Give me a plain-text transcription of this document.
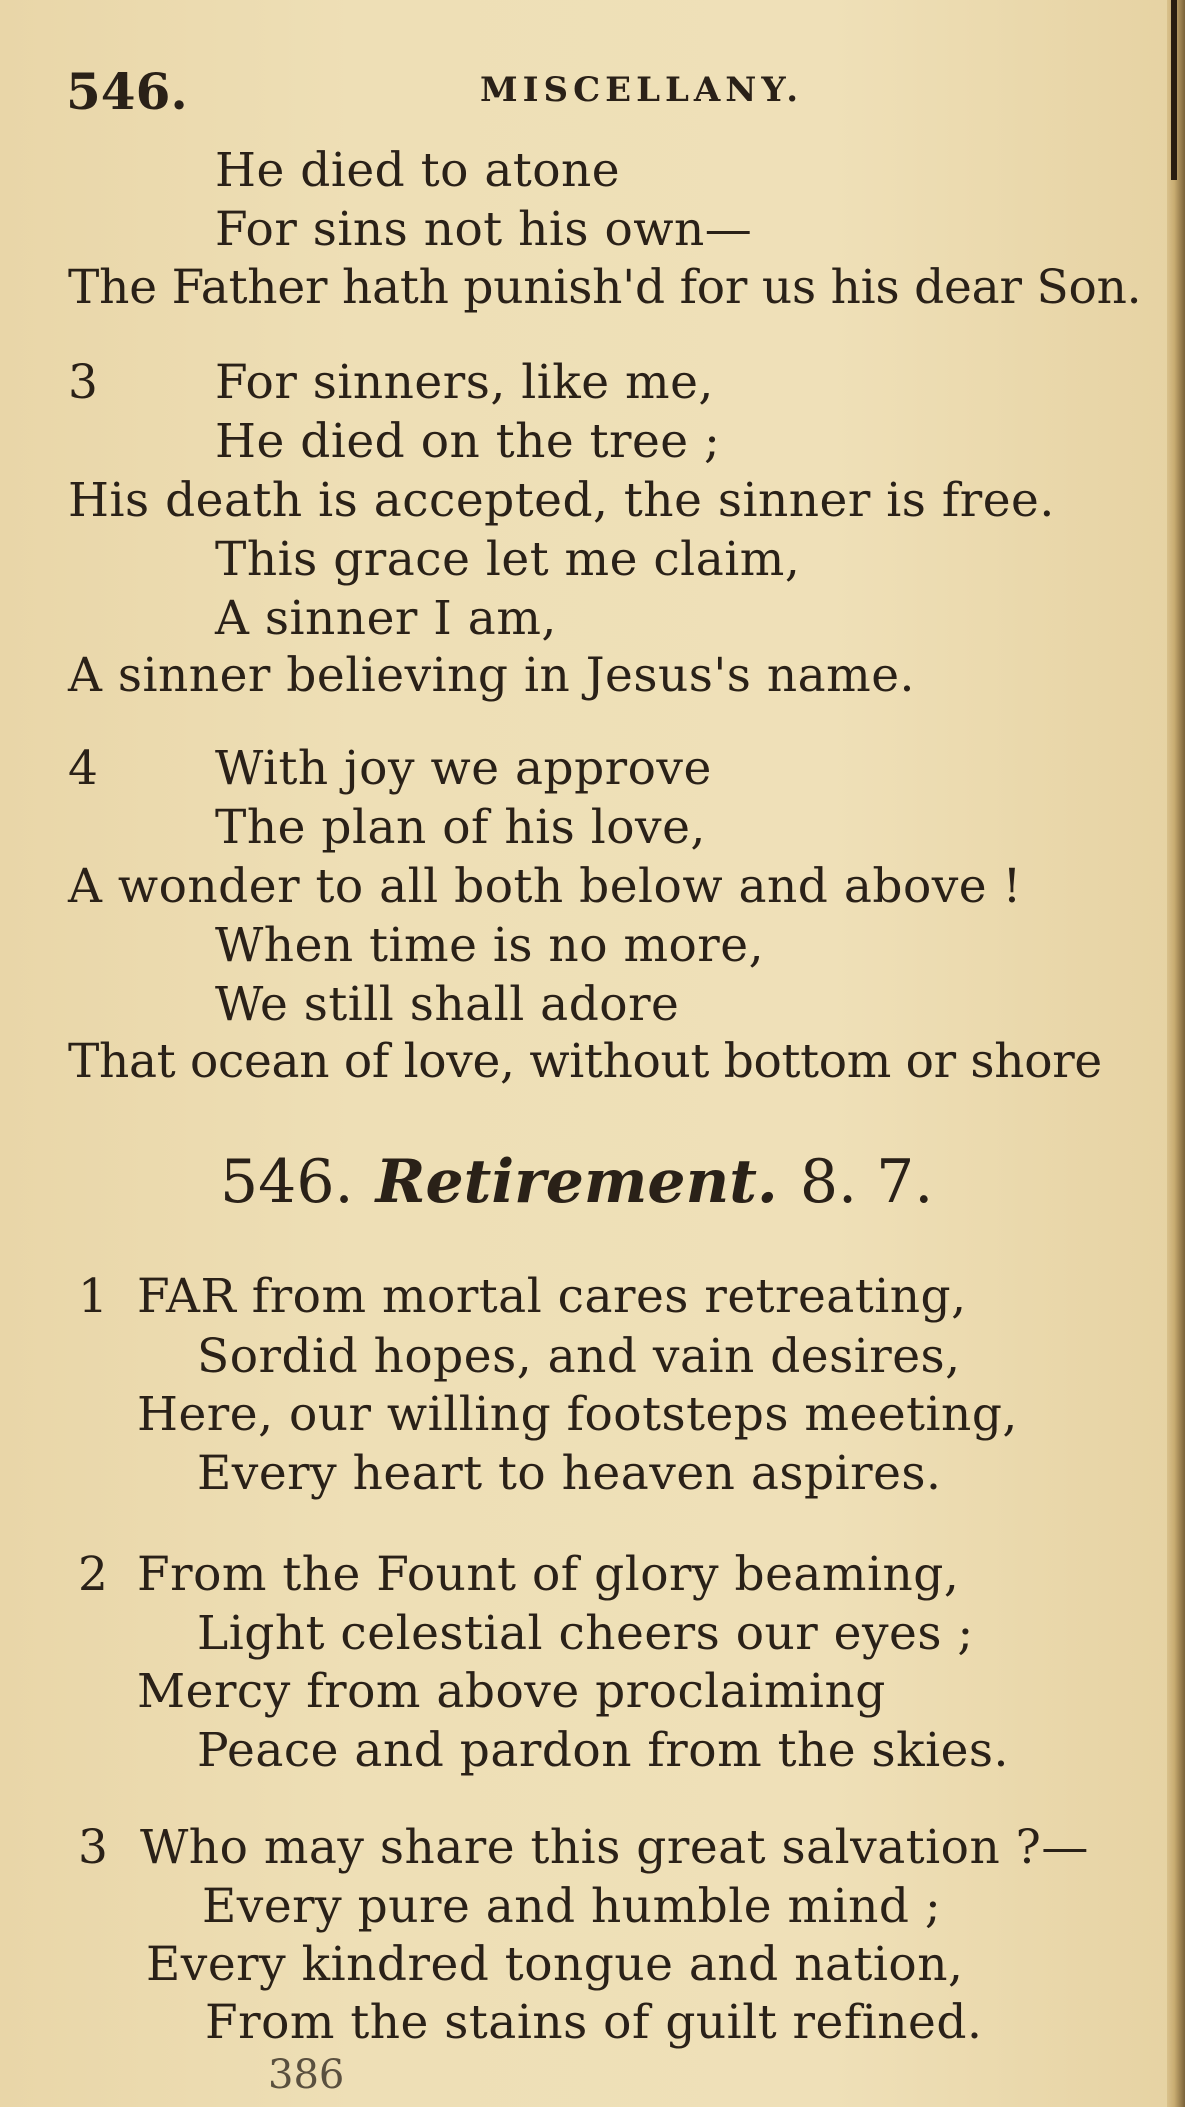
546.	MISCELLANY.
He died to atone
For sins not his own—
The Father hath punish'd for us his dear Son.
3 For sinners, like me,
He died on the tree ;
His death is accepted, the sinner is free.
This grace let me claim,
A sinner I am,
A sinner believing in Jesus's name.
4 With joy we approve
The plan of his love,
A wonder to all both below and above !
When time is no more,
We still shall adore
That ocean of love, without bottom or shore
546. Retirement. 8. 7.
1 FAR from mortal cares retreating,
Sordid hopes, and vain desires,
Here, our willing footsteps meeting,
Every heart to heaven aspires.
2 From the Fount of glory beaming,
Light celestial cheers our eyes ;
Mercy from above proclaiming
Peace and pardon from the skies.
3 Who may share this great salvation ?—
Every pure and humble mind ;
Every kindred tongue and nation,
From the stains of guilt refined.
386
